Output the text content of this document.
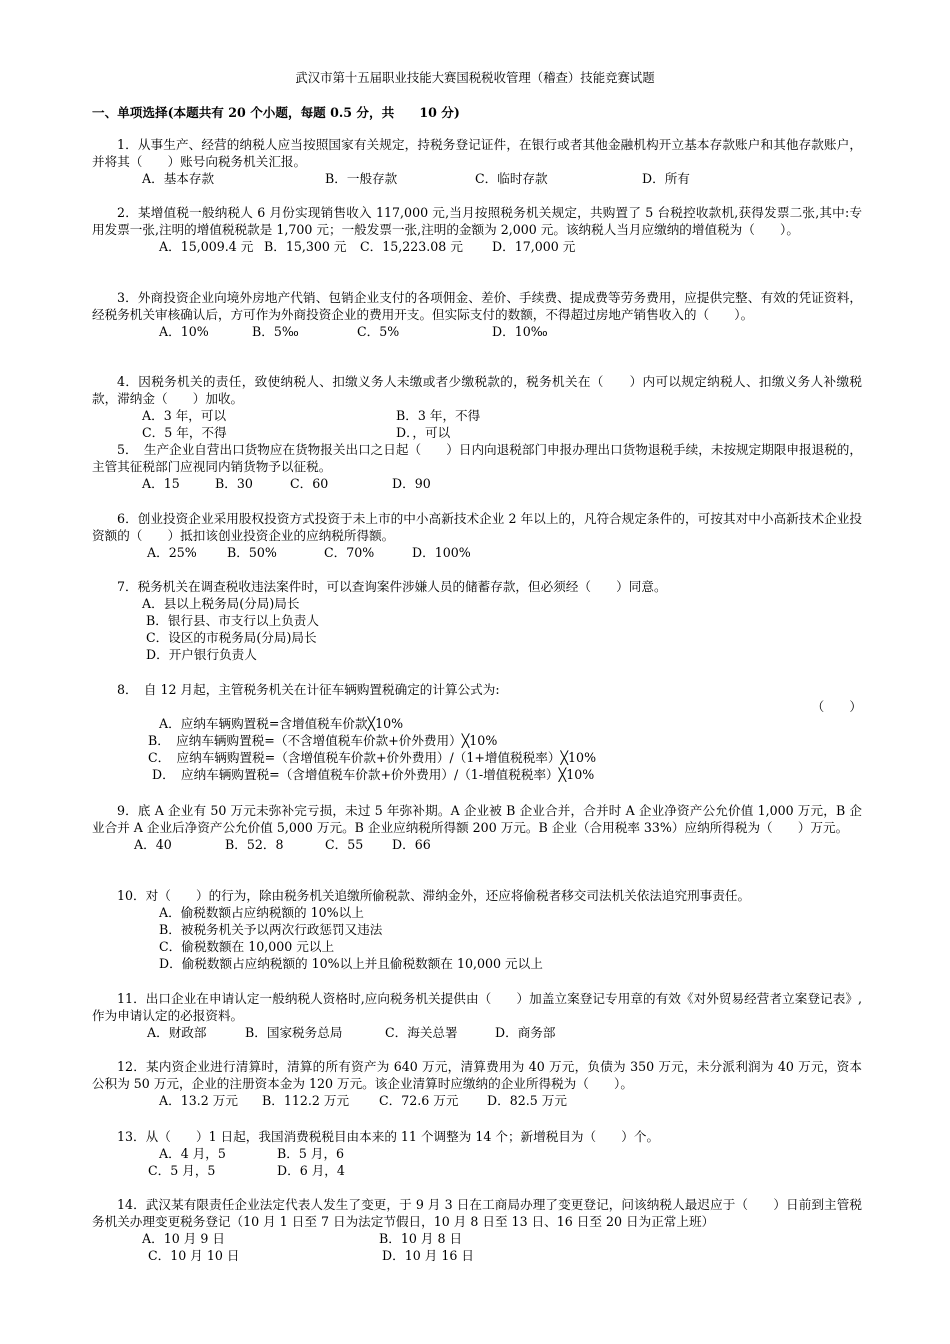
武汉市第十五届职业技能大赛国税税收管理（稽查）技能竞赛试题
一、单项选择(本题共有 20 个小题，每题 0.5 分，共　　10 分)
1．从事生产、经营的纳税人应当按照国家有关规定，持税务登记证件，在银行或者其他金融机构开立基本存款账户和其他存款账户，并将其（　　）账号向税务机关汇报。
A．基本存款	B．一般存款	C．临时存款	D．所有
2．某增值税一般纳税人 6 月份实现销售收入 117,000 元,当月按照税务机关规定，共购置了 5 台税控收款机,获得发票二张,其中:专用发票一张,注明的增值税税款是 1,700 元；一般发票一张,注明的金额为 2,000 元。该纳税人当月应缴纳的增值税为（　　）。
A．15,009.4 元 B．15,300 元 C．15,223.08 元 D．17,000 元
3．外商投资企业向境外房地产代销、包销企业支付的各项佣金、差价、手续费、提成费等劳务费用，应提供完整、有效的凭证资料，经税务机关审核确认后，方可作为外商投资企业的费用开支。但实际支付的数额，不得超过房地产销售收入的（　　）。
A．10%	B．5‰	C．5%	D．10‰
4．因税务机关的责任，致使纳税人、扣缴义务人未缴或者少缴税款的，税务机关在（　　）内可以规定纳税人、扣缴义务人补缴税款，滞纳金（　　）加收。
A．3 年，可以	B．3 年，不得
C．5 年，不得	D．，可以
5．　生产企业自营出口货物应在货物报关出口之日起（　　）日内向退税部门申报办理出口货物退税手续，未按规定期限申报退税的，主管其征税部门应视同内销货物予以征税。
A．15	B．30	C．60	D．90
6．创业投资企业采用股权投资方式投资于未上市的中小高新技术企业 2 年以上的，凡符合规定条件的，可按其对中小高新技术企业投资额的（　　）抵扣该创业投资企业的应纳税所得额。
A．25% B．50%	C．70%	D．100%
7．税务机关在调查税收违法案件时，可以查询案件涉嫌人员的储蓄存款，但必须经（　　）同意。
A．县以上税务局(分局)局长
B．银行县、市支行以上负责人
C．设区的市税务局(分局)局长
D．开户银行负责人
8．　自 12 月起，主管税务机关在计征车辆购置税确定的计算公式为:
（　　）
A．应纳车辆购置税=含增值税车价款╳10%
B．　应纳车辆购置税=（不含增值税车价款+价外费用）╳10%
C．　应纳车辆购置税=（含增值税车价款+价外费用）/（1+增值税税率）╳10%
D．　应纳车辆购置税=（含增值税车价款+价外费用）/（1-增值税税率）╳10%
9．底 A 企业有 50 万元未弥补完亏损，未过 5 年弥补期。A 企业被 B 企业合并，合并时 A 企业净资产公允价值 1,000 万元，B 企业合并 A 企业后净资产公允价值 5,000 万元。B 企业应纳税所得额 200 万元。B 企业（合用税率 33%）应纳所得税为（　　）万元。
A．40	B．52．8	C．55 D．66
10．对（　　）的行为，除由税务机关追缴所偷税款、滞纳金外，还应将偷税者移交司法机关依法追究刑事责任。
A．偷税数额占应纳税额的 10%以上
B．被税务机关予以两次行政惩罚又违法
C．偷税数额在 10,000 元以上
D．偷税数额占应纳税额的 10%以上并且偷税数额在 10,000 元以上
11．出口企业在申请认定一般纳税人资格时,应向税务机关提供由（　　）加盖立案登记专用章的有效《对外贸易经营者立案登记表》,作为申请认定的必报资料。
A．财政部	B．国家税务总局	C．海关总署	D．商务部
12．某内资企业进行清算时，清算的所有资产为 640 万元，清算费用为 40 万元，负债为 350 万元，未分派利润为 40 万元，资本公积为 50 万元，企业的注册资本金为 120 万元。该企业清算时应缴纳的企业所得税为（　　）。
A．13.2 万元 B．112.2 万元 C．72.6 万元 D．82.5 万元
13．从（　　）1 日起，我国消费税税目由本来的 11 个调整为 14 个；新增税目为（　　）个。
A．4 月，5	B．5 月，6
C．5 月，5	D．6 月，4
14．武汉某有限责任企业法定代表人发生了变更，于 9 月 3 日在工商局办理了变更登记，问该纳税人最迟应于（　　）日前到主管税务机关办理变更税务登记（10 月 1 日至 7 日为法定节假日，10 月 8 日至 13 日、16 日至 20 日为正常上班）
A．10 月 9 日	B．10 月 8 日
C．10 月 10 日	D．10 月 16 日
